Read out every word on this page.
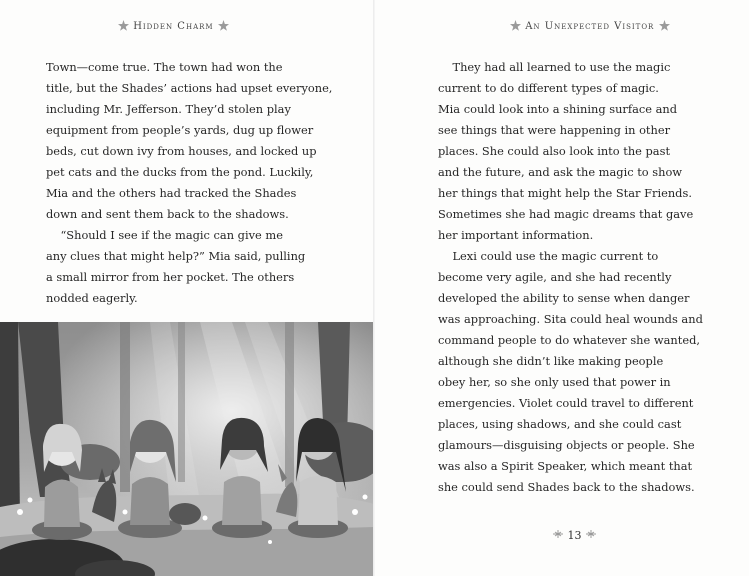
Hidden Charm
Town—come true. The town had won the
title, but the Shades’ actions had upset everyone,
including Mr. Jefferson. They’d stolen play
equipment from people’s yards, dug up flower
beds, cut down ivy from houses, and locked up
pet cats and the ducks from the pond. Luckily,
Mia and the others had tracked the Shades
down and sent them back to the shadows.
“Should I see if the magic can give me
any clues that might help?” Mia said, pulling
a small mirror from her pocket. The others
nodded eagerly.
An Unexpected Visitor
They had all learned to use the magic
current to do different types of magic.
Mia could look into a shining surface and
see things that were happening in other
places. She could also look into the past
and the future, and ask the magic to show
her things that might help the Star Friends.
Sometimes she had magic dreams that gave
her important information.
Lexi could use the magic current to
become very agile, and she had recently
developed the ability to sense when danger
was approaching. Sita could heal wounds and
command people to do whatever she wanted,
although she didn’t like making people
obey her, so she only used that power in
emergencies. Violet could travel to different
places, using shadows, and she could cast
glamours—disguising objects or people. She
was also a Spirit Speaker, which meant that
she could send Shades back to the shadows.
13
